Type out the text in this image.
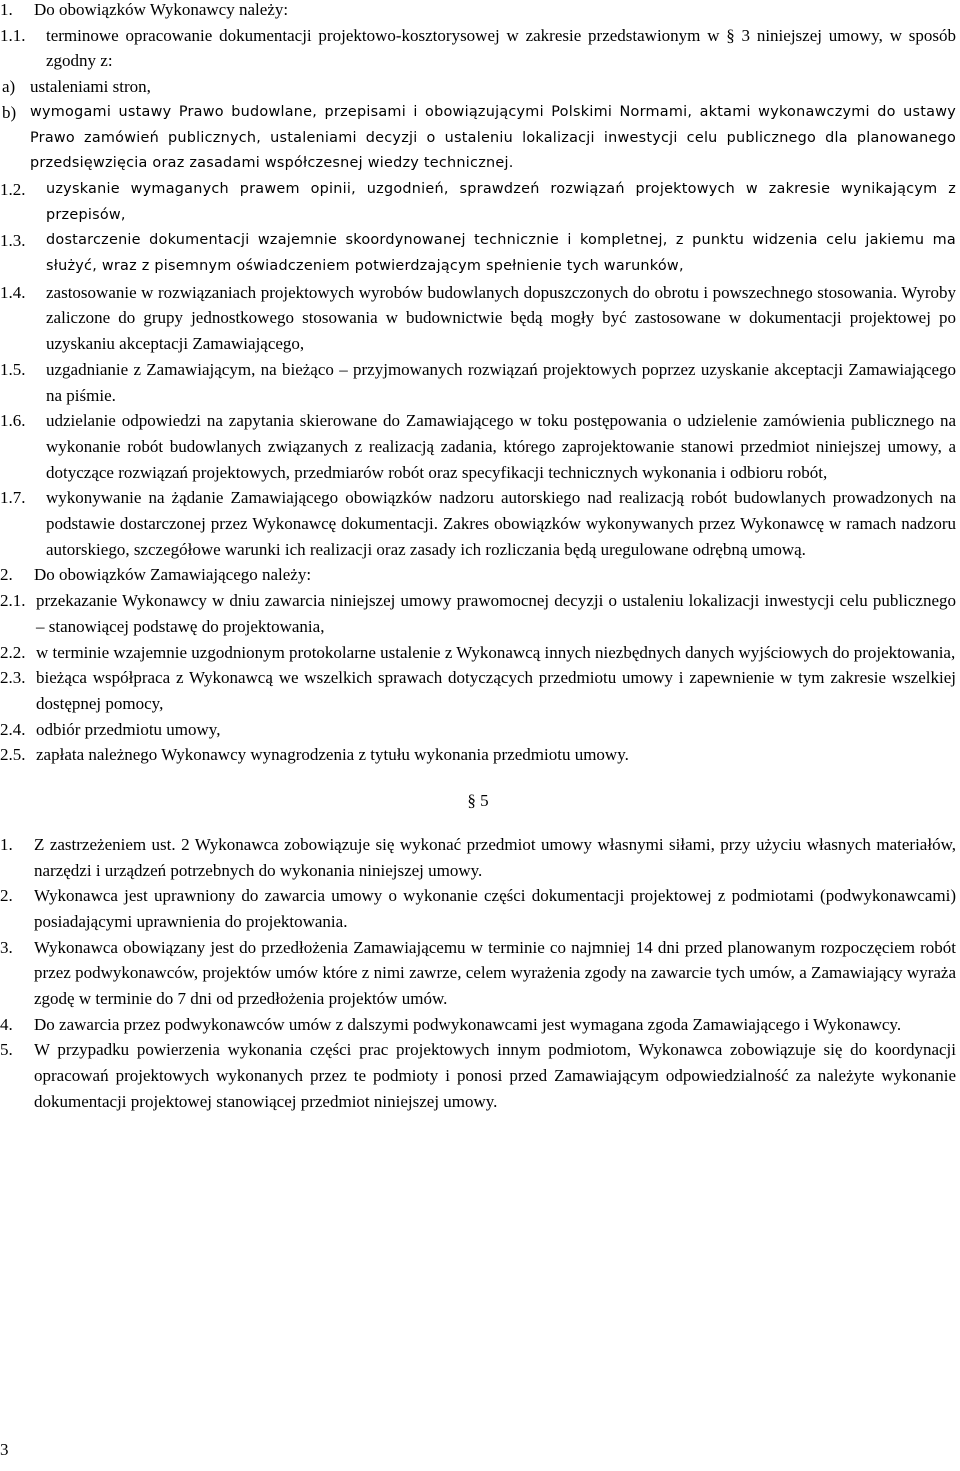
1.	Do obowiązków Wykonawcy należy:
1.1.	terminowe opracowanie dokumentacji projektowo-kosztorysowej w zakresie przedstawionym w § 3 niniejszej umowy, w sposób zgodny z:
a) ustaleniami stron,
b) wymogami ustawy Prawo budowlane, przepisami i obowiązującymi Polskimi Normami, aktami wykonawczymi do ustawy Prawo zamówień publicznych, ustaleniami decyzji o ustaleniu lokalizacji inwestycji celu publicznego dla planowanego przedsięwzięcia oraz zasadami współczesnej wiedzy technicznej.
1.2.	uzyskanie wymaganych prawem opinii, uzgodnień, sprawdzeń rozwiązań projektowych w zakresie wynikającym z przepisów,
1.3.	dostarczenie dokumentacji wzajemnie skoordynowanej technicznie i kompletnej, z punktu widzenia celu jakiemu ma służyć, wraz z pisemnym oświadczeniem potwierdzającym spełnienie tych warunków,
1.4.	zastosowanie w rozwiązaniach projektowych wyrobów budowlanych dopuszczonych do obrotu i powszechnego stosowania. Wyroby zaliczone do grupy jednostkowego stosowania w budownictwie będą mogły być zastosowane w dokumentacji projektowej po uzyskaniu akceptacji Zamawiającego,
1.5.	uzgadnianie z Zamawiającym, na bieżąco – przyjmowanych rozwiązań projektowych poprzez uzyskanie akceptacji Zamawiającego na piśmie.
1.6.	udzielanie odpowiedzi na zapytania skierowane do Zamawiającego w toku postępowania o udzielenie zamówienia publicznego na wykonanie robót budowlanych związanych z realizacją zadania, którego zaprojektowanie stanowi przedmiot niniejszej umowy, a dotyczące rozwiązań projektowych, przedmiarów robót oraz specyfikacji technicznych wykonania i odbioru robót,
1.7.	wykonywanie na żądanie Zamawiającego obowiązków nadzoru autorskiego nad realizacją robót budowlanych prowadzonych na podstawie dostarczonej przez Wykonawcę dokumentacji. Zakres obowiązków wykonywanych przez Wykonawcę w ramach nadzoru autorskiego, szczegółowe warunki ich realizacji oraz zasady ich rozliczania będą uregulowane odrębną umową.
2.	Do obowiązków Zamawiającego należy:
2.1. przekazanie Wykonawcy w dniu zawarcia niniejszej umowy prawomocnej decyzji o ustaleniu lokalizacji inwestycji celu publicznego – stanowiącej podstawę do projektowania,
2.2. w terminie wzajemnie uzgodnionym protokolarne ustalenie z Wykonawcą innych niezbędnych danych wyjściowych do projektowania,
2.3. bieżąca współpraca z Wykonawcą we wszelkich sprawach dotyczących przedmiotu umowy i zapewnienie w tym zakresie wszelkiej dostępnej pomocy,
2.4. odbiór przedmiotu umowy,
2.5. zapłata należnego Wykonawcy wynagrodzenia z tytułu wykonania przedmiotu umowy.
§ 5
1.	Z zastrzeżeniem ust. 2 Wykonawca zobowiązuje się wykonać przedmiot umowy własnymi siłami, przy użyciu własnych materiałów, narzędzi i urządzeń potrzebnych do wykonania niniejszej umowy.
2.	Wykonawca jest uprawniony do zawarcia umowy o wykonanie części dokumentacji projektowej z podmiotami (podwykonawcami) posiadającymi uprawnienia do projektowania.
3.	Wykonawca obowiązany jest do przedłożenia Zamawiającemu w terminie co najmniej 14 dni przed planowanym rozpoczęciem robót przez podwykonawców, projektów umów które z nimi zawrze, celem wyrażenia zgody na zawarcie tych umów, a Zamawiający wyraża zgodę w terminie do 7 dni od przedłożenia projektów umów.
4.	Do zawarcia przez podwykonawców umów z dalszymi podwykonawcami jest wymagana zgoda Zamawiającego i Wykonawcy.
5.	W przypadku powierzenia wykonania części prac projektowych innym podmiotom, Wykonawca zobowiązuje się do koordynacji opracowań projektowych wykonanych przez te podmioty i ponosi przed Zamawiającym odpowiedzialność za należyte wykonanie dokumentacji projektowej stanowiącej przedmiot niniejszej umowy.
3
